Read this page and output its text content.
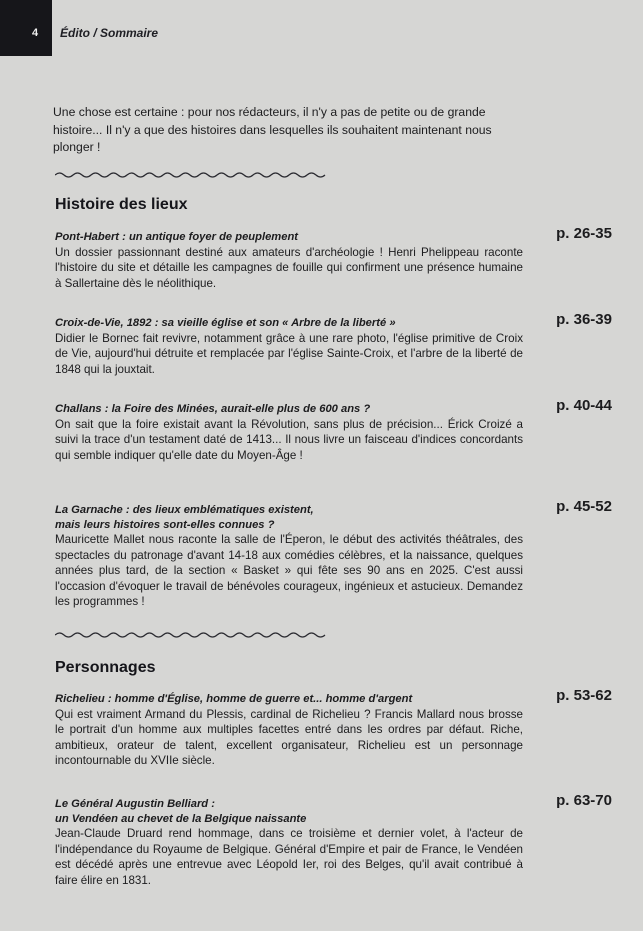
4 Édito / Sommaire

Une chose est certaine : pour nos rédacteurs, il n'y a pas de petite ou de grande histoire... Il n'y a que des histoires dans lesquelles ils souhaitent maintenant nous plonger !

Histoire des lieux

Pont-Habert : un antique foyer de peuplement	p. 26-35

Un dossier passionnant destiné aux amateurs d'archéologie ! Henri Phelippeau raconte l'histoire du site et détaille les campagnes de fouille qui confirment une présence humaine à Sallertaine dès le néolithique.

Croix-de-Vie, 1892 : sa vieille église et son « Arbre de la liberté »	p. 36-39

Didier le Bornec fait revivre, notamment grâce à une rare photo, l'église primitive de Croix de Vie, aujourd'hui détruite et remplacée par l'église Sainte-Croix, et l'arbre de la liberté de 1848 qui la jouxtait.

Challans : la Foire des Minées, aurait-elle plus de 600 ans ?	p. 40-44

On sait que la foire existait avant la Révolution, sans plus de précision... Érick Croizé a suivi la trace d'un testament daté de 1413... Il nous livre un faisceau d'indices concordants qui semble indiquer qu'elle date du Moyen-Âge !

La Garnache : des lieux emblématiques existent,

mais leurs histoires sont-elles connues ?

p. 45-52

Mauricette Mallet nous raconte la salle de l'Éperon, le début des activités théâtrales, des spectacles du patronage d'avant 14-18 aux comédies célèbres, et la naissance, quelques années plus tard, de la section « Basket » qui fête ses 90 ans en 2025. C'est aussi l'occasion d'évoquer le travail de bénévoles courageux, ingénieux et astucieux. Demandez les programmes !

Personnages

Richelieu : homme d'Église, homme de guerre et... homme d'argent	p. 53-62

Qui est vraiment Armand du Plessis, cardinal de Richelieu ? Francis Mallard nous brosse le portrait d'un homme aux multiples facettes entré dans les ordres par défaut. Riche, ambitieux, orateur de talent, excellent organisateur, Richelieu est un personnage incontournable du XVIIe siècle.

Le Général Augustin Belliard :

un Vendéen au chevet de la Belgique naissante

p. 63-70

Jean-Claude Druard rend hommage, dans ce troisième et dernier volet, à l'acteur de l'indépendance du Royaume de Belgique. Général d'Empire et pair de France, le Vendéen est décédé après une entrevue avec Léopold Ier, roi des Belges, qu'il avait contribué à faire élire en 1831.
